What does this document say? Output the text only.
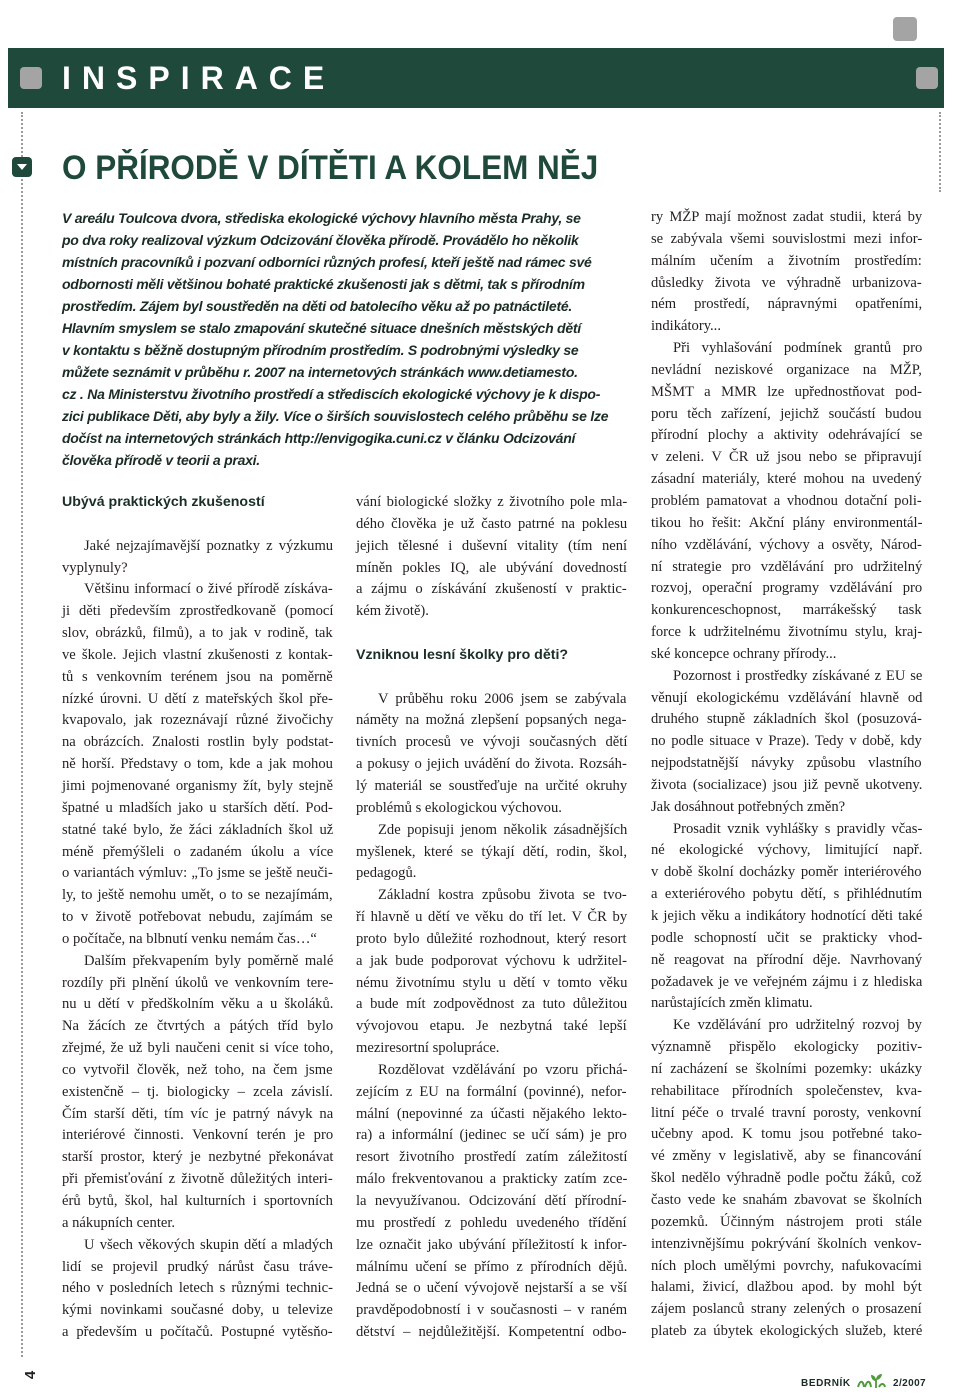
INSPIRACE
O PŘÍRODĚ V DÍTĚTI A KOLEM NĚJ
V areálu Toulcova dvora, střediska ekologické výchovy hlavního města Prahy, se
po dva roky realizoval výzkum Odcizování člověka přírodě. Provádělo ho několik
místních pracovníků i pozvaní odborníci různých profesí, kteří ještě nad rámec své
odbornosti měli většinou bohaté praktické zkušenosti jak s dětmi, tak s přírodním
prostředím. Zájem byl soustředěn na děti od batolecího věku až po patnáctileté.
Hlavním smyslem se stalo zmapování skutečné situace dnešních městských dětí
v kontaktu s běžně dostupným přírodním prostředím. S podrobnými výsledky se
můžete seznámit v průběhu r. 2007 na internetových stránkách www.detiamesto.
cz . Na Ministerstvu životního prostředí a střediscích ekologické výchovy je k dispo-
zici publikace Děti, aby byly a žily. Více o širších souvislostech celého průběhu se lze
dočíst na internetových stránkách http://envigogika.cuni.cz v článku Odcizování
člověka přírodě v teorii a praxi.
Ubývá praktických zkušeností
Jaké nejzajímavější poznatky z výzkumu
vyplynuly?
Většinu informací o živé přírodě získáva-
ji děti především zprostředkovaně (pomocí
slov, obrázků, filmů), a to jak v rodině, tak
ve škole. Jejich vlastní zkušenosti z kontak-
tů s venkovním terénem jsou na poměrně
nízké úrovni. U dětí z mateřských škol pře-
kvapovalo, jak rozeznávají různé živočichy
na obrázcích. Znalosti rostlin byly podstat-
ně horší. Představy o tom, kde a jak mohou
jimi pojmenované organismy žít, byly stejně
špatné u mladších jako u starších dětí. Pod-
statné také bylo, že žáci základních škol už
méně přemýšleli o zadaném úkolu a více
o variantách výmluv: „To jsme se ještě neuči-
ly, to ještě nemohu umět, o to se nezajímám,
to v životě potřebovat nebudu, zajímám se
o počítače, na blbnutí venku nemám čas…“
Dalším překvapením byly poměrně malé
rozdíly při plnění úkolů ve venkovním tere-
nu u dětí v předškolním věku a u školáků.
Na žácích ze čtvrtých a pátých tříd bylo
zřejmé, že už byli naučeni cenit si více toho,
co vytvořil člověk, než toho, na čem jsme
existenčně – tj. biologicky – zcela závislí.
Čím starší děti, tím víc je patrný návyk na
interiérové činnosti. Venkovní terén je pro
starší prostor, který je nezbytné překonávat
při přemisťování z životně důležitých interi-
érů bytů, škol, hal kulturních i sportovních
a nákupních center.
U všech věkových skupin dětí a mladých
lidí se projevil prudký nárůst času tráve-
ného v posledních letech s různými technic-
kými novinkami současné doby, u televize
a především u počítačů. Postupné vytěsňo-
vání biologické složky z životního pole mla-
dého člověka je už často patrné na poklesu
jejich tělesné i duševní vitality (tím není
míněn pokles IQ, ale ubývání dovedností
a zájmu o získávání zkušeností v praktic-
kém životě).
Vzniknou lesní školky pro děti?
V průběhu roku 2006 jsem se zabývala
náměty na možná zlepšení popsaných nega-
tivních procesů ve vývoji současných dětí
a pokusy o jejich uvádění do života. Rozsáh-
lý materiál se soustřeďuje na určité okruhy
problémů s ekologickou výchovou.
Zde popisuji jenom několik zásadnějších
myšlenek, které se týkají dětí, rodin, škol,
pedagogů.
Základní kostra způsobu života se tvo-
ří hlavně u dětí ve věku do tří let. V ČR by
proto bylo důležité rozhodnout, který resort
a jak bude podporovat výchovu k udržitel-
nému životnímu stylu u dětí v tomto věku
a bude mít zodpovědnost za tuto důležitou
vývojovou etapu. Je nezbytná také lepší
meziresortní spolupráce.
Rozdělovat vzdělávání po vzoru přichá-
zejícím z EU na formální (povinné), nefor-
mální (nepovinné za účasti nějakého lekto-
ra) a informální (jedinec se učí sám) je pro
resort životního prostředí zatím záležitostí
málo frekventovanou a prakticky zatím zce-
la nevyužívanou. Odcizování dětí přírodní-
mu prostředí z pohledu uvedeného třídění
lze označit jako ubývání příležitostí k infor-
málnímu učení se přímo z přírodních dějů.
Jedná se o učení vývojově nejstarší a se vší
pravděpodobností i v současnosti – v raném
dětství – nejdůležitější. Kompetentní odbo-
ry MŽP mají možnost zadat studii, která by
se zabývala všemi souvislostmi mezi infor-
málním učením a životním prostředím:
důsledky života ve výhradně urbanizova-
ném prostředí, nápravnými opatřeními,
indikátory...
Při vyhlašování podmínek grantů pro
nevládní neziskové organizace na MŽP,
MŠMT a MMR lze upřednostňovat pod-
poru těch zařízení, jejichž součástí budou
přírodní plochy a aktivity odehrávající se
v zeleni. V ČR už jsou nebo se připravují
zásadní materiály, které mohou na uvedený
problém pamatovat a vhodnou dotační poli-
tikou ho řešit: Akční plány environmentál-
ního vzdělávání, výchovy a osvěty, Národ-
ní strategie pro vzdělávání pro udržitelný
rozvoj, operační programy vzdělávání pro
konkurenceschopnost, marrákešský task
force k udržitelnému životnímu stylu, kraj-
ské koncepce ochrany přírody...
Pozornost i prostředky získávané z EU se
věnují ekologickému vzdělávání hlavně od
druhého stupně základních škol (posuzová-
no podle situace v Praze). Tedy v době, kdy
nejpodstatnější návyky způsobu vlastního
života (socializace) jsou již pevně ukotveny.
Jak dosáhnout potřebných změn?
Prosadit vznik vyhlášky s pravidly včas-
né ekologické výchovy, limitující např.
v době školní docházky poměr interiérového
a exteriérového pobytu dětí, s přihlédnutím
k jejich věku a indikátory hodnotící děti také
podle schopností učit se prakticky vhod-
ně reagovat na přírodní děje. Navrhovaný
požadavek je ve veřejném zájmu i z hlediska
narůstajících změn klimatu.
Ke vzdělávání pro udržitelný rozvoj by
významně přispělo ekologicky pozitiv-
ní zacházení se školními pozemky: ukázky
rehabilitace přírodních společenstev, kva-
litní péče o trvalé travní porosty, venkovní
učebny apod. K tomu jsou potřebné tako-
vé změny v legislativě, aby se financování
škol nedělo výhradně podle počtu žáků, což
často vede ke snahám zbavovat se školních
pozemků. Účinným nástrojem proti stále
intenzivnějšímu pokrývání školních venkov-
ních ploch umělými povrchy, nafukovacími
halami, živicí, dlažbou apod. by mohl být
zájem poslanců strany zelených o prosazení
plateb za úbytek ekologických služeb, které
4
BEDRNÍK	2/2007
